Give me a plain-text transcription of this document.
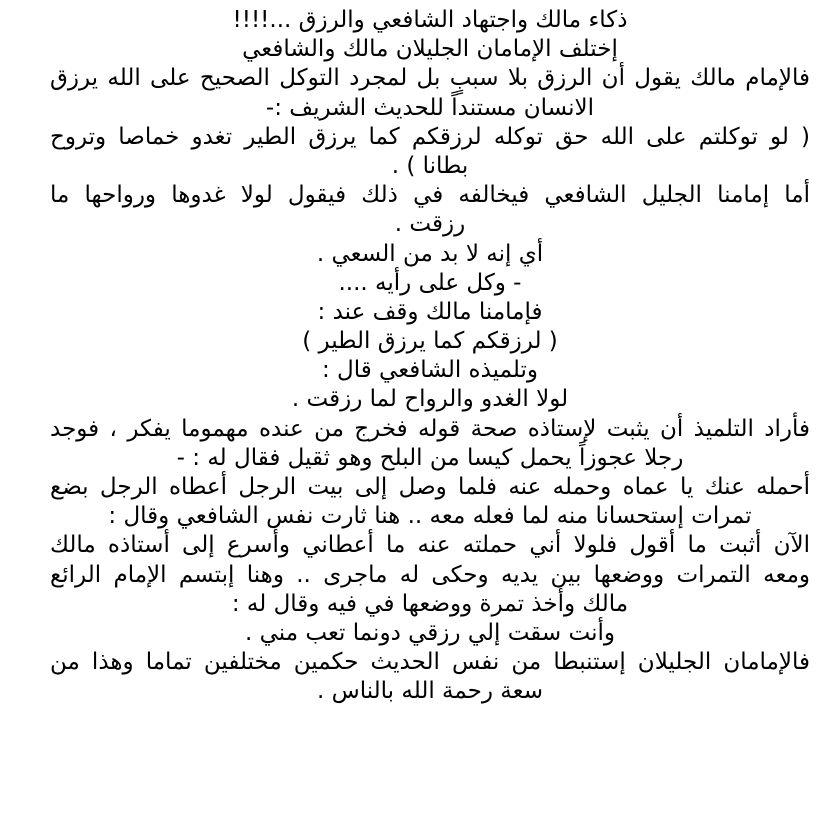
ذكاء مالك واجتهاد الشافعي والرزق ...!!!!
إختلف الإمامان الجليلان مالك والشافعي
فالإمام مالك يقول أن الرزق بلا سببٍ بل لمجرد التوكل الصحيح على الله يرزق
الانسان مستنداً للحديث الشريف :-
( لو توكلتم على الله حق توكله لرزقكم كما يرزق الطير تغدو خماصا وتروح
بطانا ) .
أما إمامنا الجليل الشافعي فيخالفه في ذلك فيقول لولا غدوها ورواحها ما
رزقت .
أي إنه لا بد من السعي .
- وكل على رأيه ....
فإمامنا مالك وقف عند :
( لرزقكم كما يرزق الطير )
وتلميذه الشافعي قال :
لولا الغدو والرواح لما رزقت .
فأراد التلميذ أن يثبت لإستاذه صحة قوله فخرج من عنده مهموما يفكر ، فوجد
رجلا عجوزاً يحمل كيسا من البلح وهو ثقيل فقال له : -
أحمله عنك يا عماه وحمله عنه فلما وصل إلى بيت الرجل أعطاه الرجل بضع
تمرات إستحسانا منه لما فعله معه .. هنا ثارت نفس الشافعي وقال :
الآن أثبت ما أقول فلولا أني حملته عنه ما أعطاني وأسرع إلى أستاذه مالك
ومعه التمرات ووضعها بين يديه وحكى له ماجرى .. وهنا إبتسم الإمام الرائع
مالك وأخذ تمرة ووضعها في فيه وقال له :
وأنت سقت إلي رزقي دونما تعب مني .
فالإمامان الجليلان إستنبطا من نفس الحديث حكمين مختلفين تماما وهذا من
سعة رحمة الله بالناس .
